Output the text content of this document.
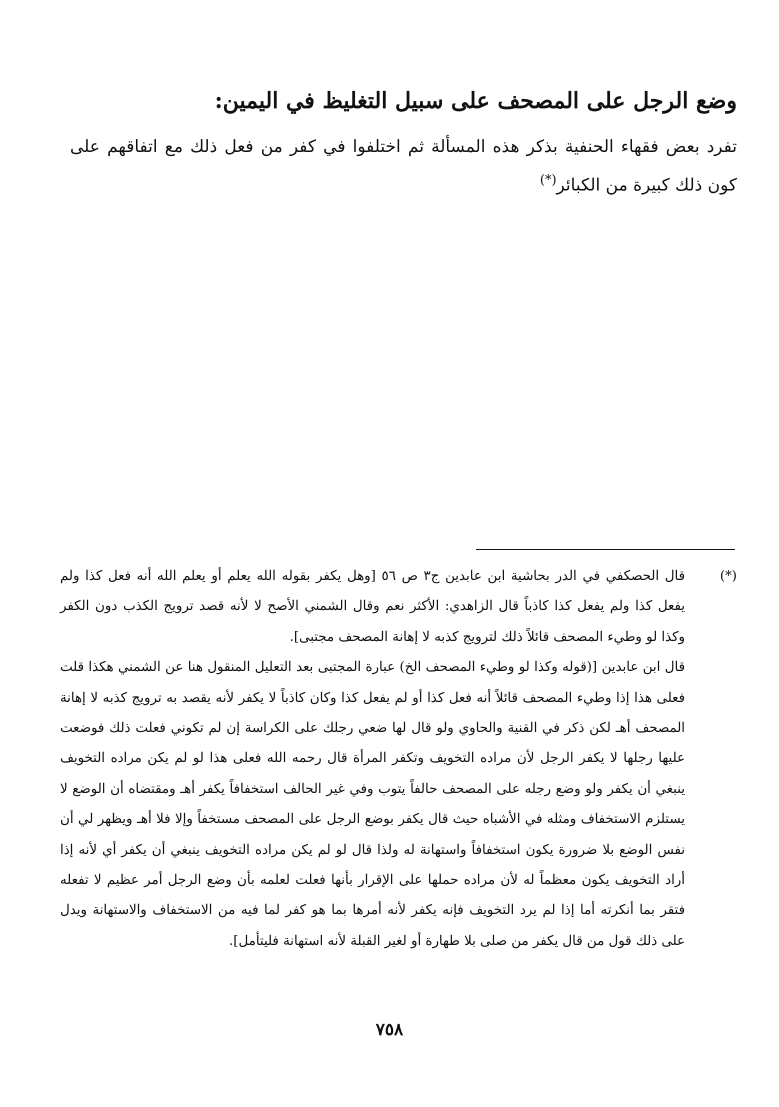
وضع الرجل على المصحف على سبيل التغليظ في اليمين:

تفرد بعض فقهاء الحنفية بذكر هذه المسألة ثم اختلفوا في كفر من فعل ذلك مع اتفاقهم على كون ذلك كبيرة من الكبائر(*)

(*)
قال الحصكفي في الدر بحاشية ابن عابدين ج٣ ص ٥٦ [وهل يكفر بقوله الله يعلم أو يعلم الله أنه فعل كذا ولم يفعل كذا ولم يفعل كذا كاذباً قال الزاهدي: الأكثر نعم وقال الشمني الأصح لا لأنه قصد ترويج الكذب دون الكفر وكذا لو وطيء المصحف قائلاً ذلك لترويج كذبه لا إهانة المصحف مجتبى].

قال ابن عابدين [(قوله وكذا لو وطيء المصحف الخ) عبارة المجتبى بعد التعليل المنقول هنا عن الشمني هكذا قلت فعلى هذا إذا وطيء المصحف قائلاً أنه فعل كذا أو لم يفعل كذا وكان كاذباً لا يكفر لأنه يقصد به ترويج كذبه لا إهانة المصحف أهـ لكن ذكر في القنية والحاوي ولو قال لها ضعي رجلك على الكراسة إن لم تكوني فعلت ذلك فوضعت عليها رجلها لا يكفر الرجل لأن مراده التخويف وتكفر المرأة قال رحمه الله فعلى هذا لو لم يكن مراده التخويف ينبغي أن يكفر ولو وضع رجله على المصحف حالفاً يتوب وفي غير الحالف استخفافاً يكفر أهـ ومقتضاه أن الوضع لا يستلزم الاستخفاف ومثله في الأشباه حيث قال يكفر بوضع الرجل على المصحف مستخفاً وإلا فلا أهـ ويظهر لي أن نفس الوضع بلا ضرورة يكون استخفافاً واستهانة له ولذا قال لو لم يكن مراده التخويف ينبغي أن يكفر أي لأنه إذا أراد التخويف يكون معظماً له لأن مراده حملها على الإقرار بأنها فعلت لعلمه بأن وضع الرجل أمر عظيم لا تفعله فتقر بما أنكرته أما إذا لم يرد التخويف فإنه يكفر لأنه أمرها بما هو كفر لما فيه من الاستخفاف والاستهانة ويدل على ذلك قول من قال يكفر من صلى بلا طهارة أو لغير القبلة لأنه استهانة فليتأمل].

٧٥٨
